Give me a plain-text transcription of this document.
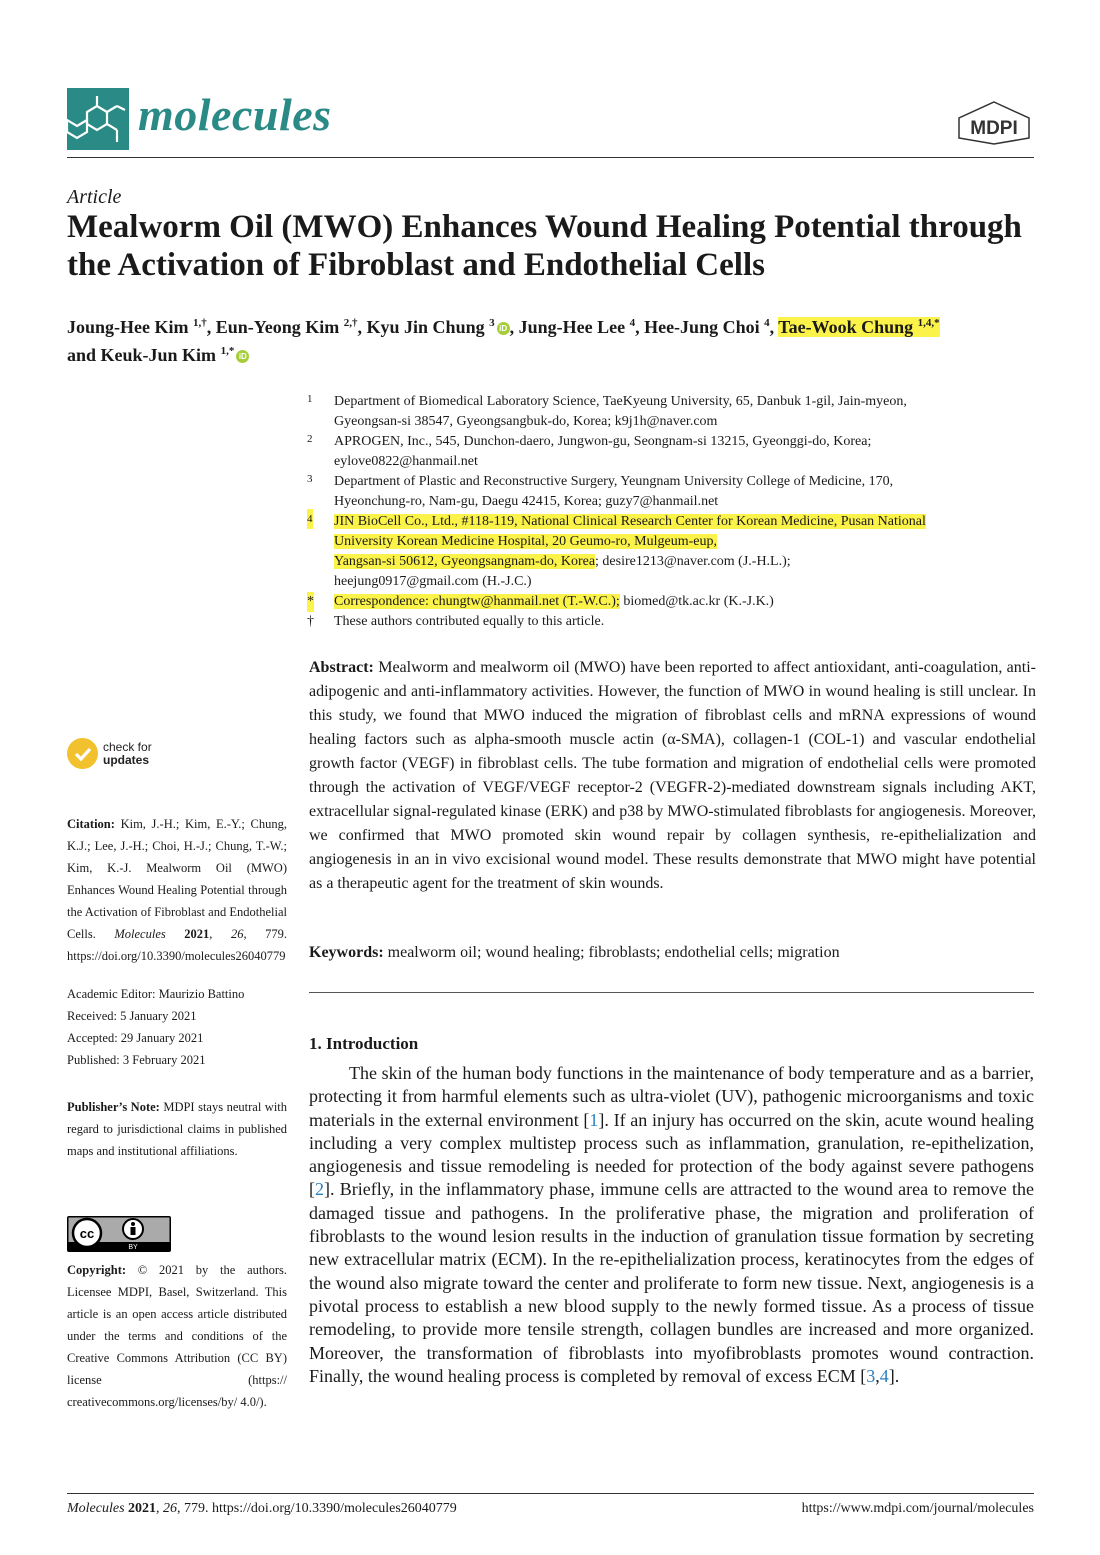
molecules	MDPI
Article
Mealworm Oil (MWO) Enhances Wound Healing Potential through the Activation of Fibroblast and Endothelial Cells
Joung-Hee Kim $^{1,\dagger}$, Eun-Yeong Kim $^{2,\dagger}$, Kyu Jin Chung $^3$ iD , Jung-Hee Lee $^4$, Hee-Jung Choi $^4$, Tae-Wook Chung $^{1,4,*}$
and Keuk-Jun Kim $^{1,*}$ iD
1 Department of Biomedical Laboratory Science, TaeKyeung University, 65, Danbuk 1-gil, Jain-myeon,
Gyeongsan-si 38547, Gyeongsangbuk-do, Korea; k9j1h@naver.com
2 APROGEN, Inc., 545, Dunchon-daero, Jungwon-gu, Seongnam-si 13215, Gyeonggi-do, Korea;
eylove0822@hanmail.net
3 Department of Plastic and Reconstructive Surgery, Yeungnam University College of Medicine, 170,
Hyeonchung-ro, Nam-gu, Daegu 42415, Korea; guzy7@hanmail.net
4 JIN BioCell Co., Ltd., #118-119, National Clinical Research Center for Korean Medicine, Pusan National
University Korean Medicine Hospital, 20 Geumo-ro, Mulgeum-eup,
Yangsan-si 50612, Gyeongsangnam-do, Korea; desire1213@naver.com (J.-H.L.);
heejung0917@gmail.com (H.-J.C.)
* Correspondence: chungtw@hanmail.net (T.-W.C.); biomed@tk.ac.kr (K.-J.K.)
† These authors contributed equally to this article.
Abstract: Mealworm and mealworm oil (MWO) have been reported to affect antioxidant, anti-coagulation, anti-adipogenic and anti-inflammatory activities. However, the function of MWO in wound healing is still unclear. In this study, we found that MWO induced the migration of fibroblast cells and mRNA expressions of wound healing factors such as alpha-smooth muscle actin (α-SMA), collagen-1 (COL-1) and vascular endothelial growth factor (VEGF) in fibroblast cells. The tube formation and migration of endothelial cells were promoted through the activation of VEGF/VEGF receptor-2 (VEGFR-2)-mediated downstream signals including AKT, extracellular signal-regulated kinase (ERK) and p38 by MWO-stimulated fibroblasts for angiogenesis. Moreover, we confirmed that MWO promoted skin wound repair by collagen synthesis, re-epithelialization and angiogenesis in an in vivo excisional wound model. These results demonstrate that MWO might have potential as a therapeutic agent for the treatment of skin wounds.
Keywords: mealworm oil; wound healing; fibroblasts; endothelial cells; migration
1. Introduction

The skin of the human body functions in the maintenance of body temperature and as a barrier, protecting it from harmful elements such as ultra-violet (UV), pathogenic microorganisms and toxic materials in the external environment [1]. If an injury has occurred on the skin, acute wound healing including a very complex multistep process such as inflammation, granulation, re-epithelization, angiogenesis and tissue remodeling is needed for protection of the body against severe pathogens [2]. Briefly, in the inflammatory phase, immune cells are attracted to the wound area to remove the damaged tissue and pathogens. In the proliferative phase, the migration and proliferation of fibroblasts to the wound lesion results in the induction of granulation tissue formation by secreting new extracellular matrix (ECM). In the re-epithelialization process, keratinocytes from the edges of the wound also migrate toward the center and proliferate to form new tissue. Next, angiogenesis is a pivotal process to establish a new blood supply to the newly formed tissue. As a process of tissue remodeling, to provide more tensile strength, collagen bundles are increased and more organized. Moreover, the transformation of fibroblasts into myofibroblasts promotes wound contraction. Finally, the wound healing process is completed by removal of excess ECM [3,4].

check for
updates
Citation: Kim, J.-H.; Kim, E.-Y.; Chung, K.J.; Lee, J.-H.; Choi, H.-J.; Chung, T.-W.; Kim, K.-J. Mealworm Oil (MWO) Enhances Wound Healing Potential through the Activation of Fibroblast and Endothelial Cells. Molecules 2021, 26, 779. https://doi.org/10.3390/molecules26040779
Academic Editor: Maurizio Battino
Received: 5 January 2021
Accepted: 29 January 2021
Published: 3 February 2021
Publisher’s Note: MDPI stays neutral with regard to jurisdictional claims in published maps and institutional affiliations.
cc
BY
Copyright: © 2021 by the authors. Licensee MDPI, Basel, Switzerland. This article is an open access article distributed under the terms and conditions of the Creative Commons Attribution (CC BY) license (https:// creativecommons.org/licenses/by/ 4.0/).
Molecules 2021, 26, 779. https://doi.org/10.3390/molecules26040779	https://www.mdpi.com/journal/molecules
